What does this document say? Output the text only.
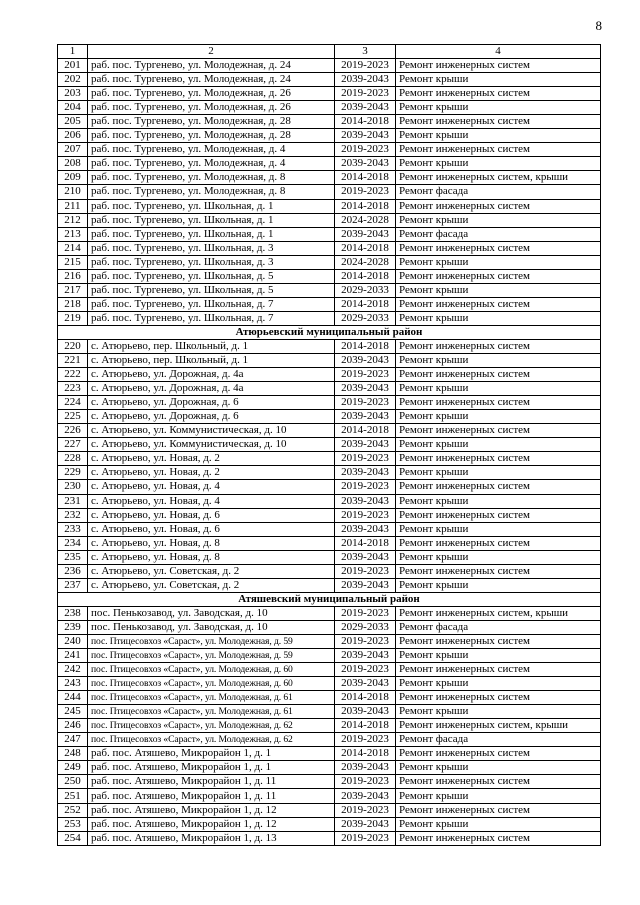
8
1	2	3	4
201	раб. пос. Тургенево, ул. Молодежная, д. 24	2019-2023	Ремонт инженерных систем
202	раб. пос. Тургенево, ул. Молодежная, д. 24	2039-2043	Ремонт крыши
203	раб. пос. Тургенево, ул. Молодежная, д. 26	2019-2023	Ремонт инженерных систем
204	раб. пос. Тургенево, ул. Молодежная, д. 26	2039-2043	Ремонт крыши
205	раб. пос. Тургенево, ул. Молодежная, д. 28	2014-2018	Ремонт инженерных систем
206	раб. пос. Тургенево, ул. Молодежная, д. 28	2039-2043	Ремонт крыши
207	раб. пос. Тургенево, ул. Молодежная, д. 4	2019-2023	Ремонт инженерных систем
208	раб. пос. Тургенево, ул. Молодежная, д. 4	2039-2043	Ремонт крыши
209	раб. пос. Тургенево, ул. Молодежная, д. 8	2014-2018	Ремонт инженерных систем, крыши
210	раб. пос. Тургенево, ул. Молодежная, д. 8	2019-2023	Ремонт фасада
211	раб. пос. Тургенево, ул. Школьная, д. 1	2014-2018	Ремонт инженерных систем
212	раб. пос. Тургенево, ул. Школьная, д. 1	2024-2028	Ремонт крыши
213	раб. пос. Тургенево, ул. Школьная, д. 1	2039-2043	Ремонт фасада
214	раб. пос. Тургенево, ул. Школьная, д. 3	2014-2018	Ремонт инженерных систем
215	раб. пос. Тургенево, ул. Школьная, д. 3	2024-2028	Ремонт крыши
216	раб. пос. Тургенево, ул. Школьная, д. 5	2014-2018	Ремонт инженерных систем
217	раб. пос. Тургенево, ул. Школьная, д. 5	2029-2033	Ремонт крыши
218	раб. пос. Тургенево, ул. Школьная, д. 7	2014-2018	Ремонт инженерных систем
219	раб. пос. Тургенево, ул. Школьная, д. 7	2029-2033	Ремонт крыши
Атюрьевский муниципальный район			
220	с. Атюрьево, пер. Школьный, д. 1	2014-2018	Ремонт инженерных систем
221	с. Атюрьево, пер. Школьный, д. 1	2039-2043	Ремонт крыши
222	с. Атюрьево, ул. Дорожная, д. 4а	2019-2023	Ремонт инженерных систем
223	с. Атюрьево, ул. Дорожная, д. 4а	2039-2043	Ремонт крыши
224	с. Атюрьево, ул. Дорожная, д. 6	2019-2023	Ремонт инженерных систем
225	с. Атюрьево, ул. Дорожная, д. 6	2039-2043	Ремонт крыши
226	с. Атюрьево, ул. Коммунистическая, д. 10	2014-2018	Ремонт инженерных систем
227	с. Атюрьево, ул. Коммунистическая, д. 10	2039-2043	Ремонт крыши
228	с. Атюрьево, ул. Новая, д. 2	2019-2023	Ремонт инженерных систем
229	с. Атюрьево, ул. Новая, д. 2	2039-2043	Ремонт крыши
230	с. Атюрьево, ул. Новая, д. 4	2019-2023	Ремонт инженерных систем
231	с. Атюрьево, ул. Новая, д. 4	2039-2043	Ремонт крыши
232	с. Атюрьево, ул. Новая, д. 6	2019-2023	Ремонт инженерных систем
233	с. Атюрьево, ул. Новая, д. 6	2039-2043	Ремонт крыши
234	с. Атюрьево, ул. Новая, д. 8	2014-2018	Ремонт инженерных систем
235	с. Атюрьево, ул. Новая, д. 8	2039-2043	Ремонт крыши
236	с. Атюрьево, ул. Советская, д. 2	2019-2023	Ремонт инженерных систем
237	с. Атюрьево, ул. Советская, д. 2	2039-2043	Ремонт крыши
Атяшевский муниципальный район			
238	пос. Пенькозавод, ул. Заводская, д. 10	2019-2023	Ремонт инженерных систем, крыши
239	пос. Пенькозавод, ул. Заводская, д. 10	2029-2033	Ремонт фасада
240	пос. Птицесовхоз «Сараст», ул. Молодежная, д. 59	2019-2023	Ремонт инженерных систем
241	пос. Птицесовхоз «Сараст», ул. Молодежная, д. 59	2039-2043	Ремонт крыши
242	пос. Птицесовхоз «Сараст», ул. Молодежная, д. 60	2019-2023	Ремонт инженерных систем
243	пос. Птицесовхоз «Сараст», ул. Молодежная, д. 60	2039-2043	Ремонт крыши
244	пос. Птицесовхоз «Сараст», ул. Молодежная, д. 61	2014-2018	Ремонт инженерных систем
245	пос. Птицесовхоз «Сараст», ул. Молодежная, д. 61	2039-2043	Ремонт крыши
246	пос. Птицесовхоз «Сараст», ул. Молодежная, д. 62	2014-2018	Ремонт инженерных систем, крыши
247	пос. Птицесовхоз «Сараст», ул. Молодежная, д. 62	2019-2023	Ремонт фасада
248	раб. пос. Атяшево, Микрорайон 1, д. 1	2014-2018	Ремонт инженерных систем
249	раб. пос. Атяшево, Микрорайон 1, д. 1	2039-2043	Ремонт крыши
250	раб. пос. Атяшево, Микрорайон 1, д. 11	2019-2023	Ремонт инженерных систем
251	раб. пос. Атяшево, Микрорайон 1, д. 11	2039-2043	Ремонт крыши
252	раб. пос. Атяшево, Микрорайон 1, д. 12	2019-2023	Ремонт инженерных систем
253	раб. пос. Атяшево, Микрорайон 1, д. 12	2039-2043	Ремонт крыши
254	раб. пос. Атяшево, Микрорайон 1, д. 13	2019-2023	Ремонт инженерных систем
